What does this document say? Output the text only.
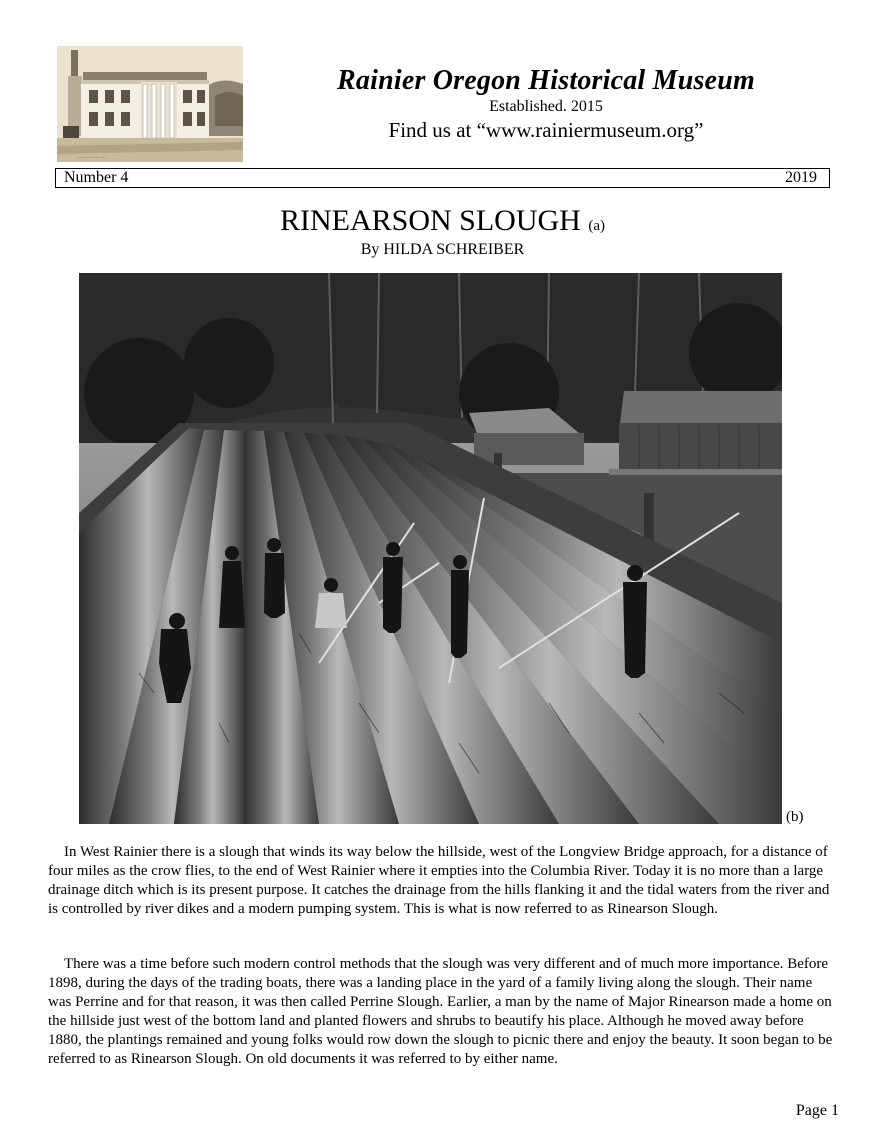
.......... ....... ....
Rainier Oregon Historical Museum
Established. 2015
Find us at “www.rainiermuseum.org”
Number 4	2019
RINEARSON SLOUGH (a)
By HILDA SCHREIBER
(b)

In West Rainier there is a slough that winds its way below the hillside, west of the Longview Bridge approach, for a distance of four miles as the crow flies, to the end of West Rainier where it empties into the Columbia River. Today it is no more than a large drainage ditch which is its present purpose. It catches the drainage from the hills flanking it and the tidal waters from the river and is controlled by river dikes and a modern pumping system. This is what is now referred to as Rinearson Slough.

There was a time before such modern control methods that the slough was very different and of much more importance. Before 1898, during the days of the trading boats, there was a landing place in the yard of a family living along the slough. Their name was Perrine and for that reason, it was then called Perrine Slough. Earlier, a man by the name of Major Rinearson made a home on the hillside just west of the bottom land and planted flowers and shrubs to beautify his place. Although he moved away before 1880, the plantings remained and young folks would row down the slough to picnic there and enjoy the beauty. It soon began to be referred to as Rinearson Slough. On old documents it was referred to by either name.

Page 1
